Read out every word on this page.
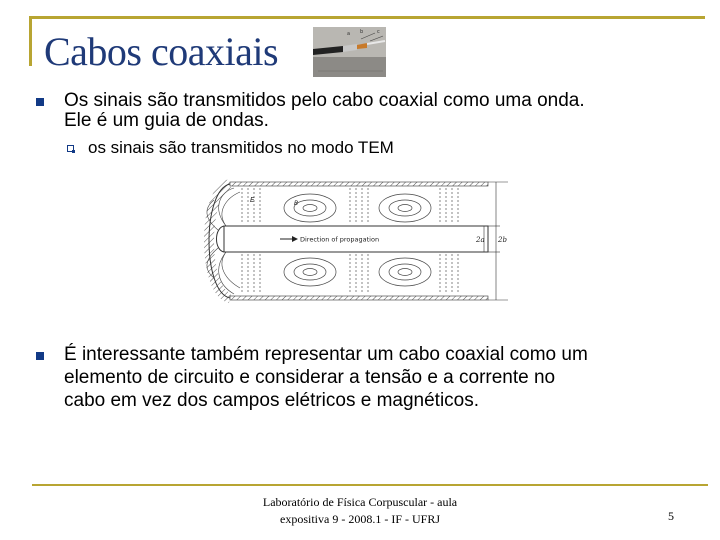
Cabos coaxiais	a b	c
Os sinais são transmitidos pelo cabo coaxial como uma onda.
Ele é um guia de ondas.
os sinais são transmitidos no modo TEM
E	B
Direction of propagation	2a 2b
É interessante também representar um cabo coaxial como um
elemento de circuito e considerar a tensão e a corrente no
cabo em vez dos campos elétricos e magnéticos.
Laboratório de Física Corpuscular - aula
expositiva 9 - 2008.1 - IF - UFRJ	5
